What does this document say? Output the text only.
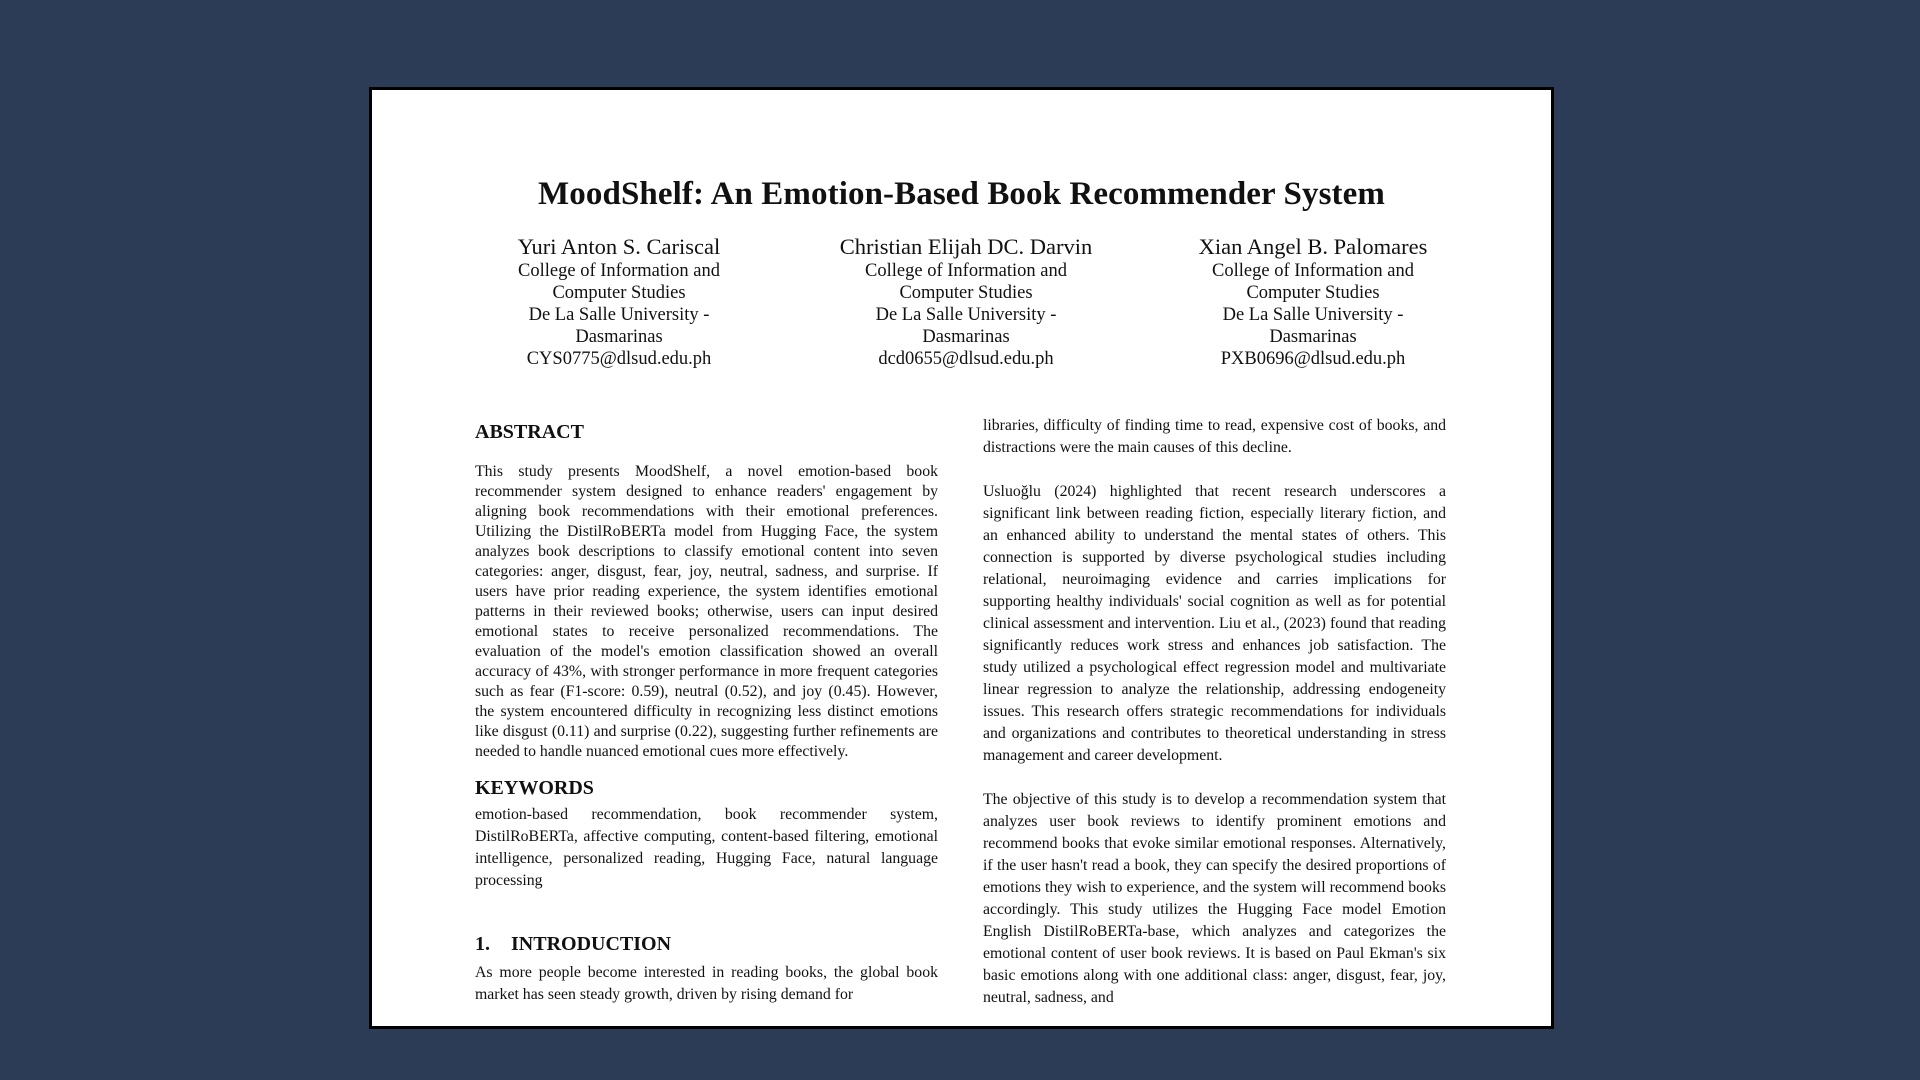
MoodShelf: An Emotion-Based Book Recommender System
Yuri Anton S. Cariscal
College of Information and
Computer Studies
De La Salle University -
Dasmarinas
CYS0775@dlsud.edu.ph
Christian Elijah DC. Darvin
College of Information and
Computer Studies
De La Salle University -
Dasmarinas
dcd0655@dlsud.edu.ph
Xian Angel B. Palomares
College of Information and
Computer Studies
De La Salle University -
Dasmarinas
PXB0696@dlsud.edu.ph
ABSTRACT

This study presents MoodShelf, a novel emotion-based book recommender system designed to enhance readers' engagement by aligning book recommendations with their emotional preferences. Utilizing the DistilRoBERTa model from Hugging Face, the system analyzes book descriptions to classify emotional content into seven categories: anger, disgust, fear, joy, neutral, sadness, and surprise. If users have prior reading experience, the system identifies emotional patterns in their reviewed books; otherwise, users can input desired emotional states to receive personalized recommendations. The evaluation of the model's emotion classification showed an overall accuracy of 43%, with stronger performance in more frequent categories such as fear (F1-score: 0.59), neutral (0.52), and joy (0.45). However, the system encountered difficulty in recognizing less distinct emotions like disgust (0.11) and surprise (0.22), suggesting further refinements are needed to handle nuanced emotional cues more effectively.

KEYWORDS

emotion-based recommendation, book recommender system, DistilRoBERTa, affective computing, content-based filtering, emotional intelligence, personalized reading, Hugging Face, natural language processing

1. INTRODUCTION

As more people become interested in reading books, the global book market has seen steady growth, driven by rising demand for

libraries, difficulty of finding time to read, expensive cost of books, and distractions were the main causes of this decline.

Usluoğlu (2024) highlighted that recent research underscores a significant link between reading fiction, especially literary fiction, and an enhanced ability to understand the mental states of others. This connection is supported by diverse psychological studies including relational, neuroimaging evidence and carries implications for supporting healthy individuals' social cognition as well as for potential clinical assessment and intervention. Liu et al., (2023) found that reading significantly reduces work stress and enhances job satisfaction. The study utilized a psychological effect regression model and multivariate linear regression to analyze the relationship, addressing endogeneity issues. This research offers strategic recommendations for individuals and organizations and contributes to theoretical understanding in stress management and career development.

The objective of this study is to develop a recommendation system that analyzes user book reviews to identify prominent emotions and recommend books that evoke similar emotional responses. Alternatively, if the user hasn't read a book, they can specify the desired proportions of emotions they wish to experience, and the system will recommend books accordingly. This study utilizes the Hugging Face model Emotion English DistilRoBERTa-base, which analyzes and categorizes the emotional content of user book reviews. It is based on Paul Ekman's six basic emotions along with one additional class: anger, disgust, fear, joy, neutral, sadness, and
